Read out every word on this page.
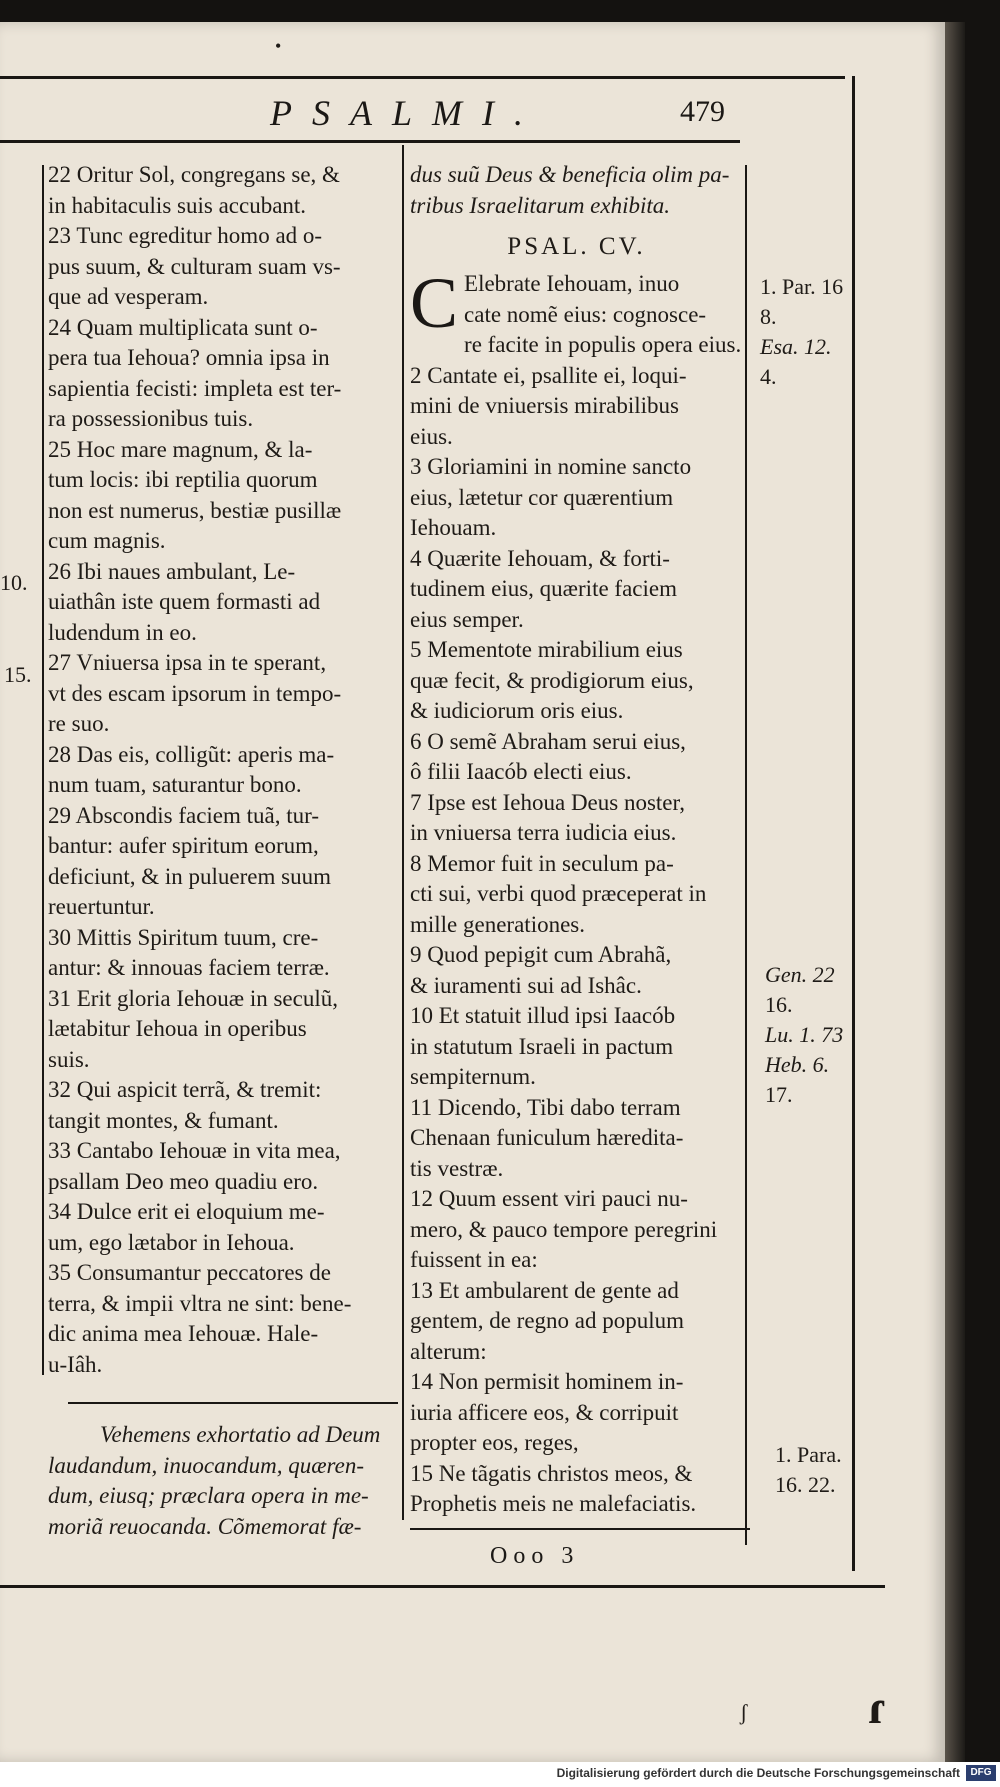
PSALMI.	479
•
10.
15.
22 Oritur Sol, congregans se, &
in habitaculis suis accubant.
23 Tunc egreditur homo ad o-
pus suum, & culturam suam vs-
que ad vesperam.
24 Quam multiplicata sunt o-
pera tua Iehoua? omnia ipsa in
sapientia fecisti: impleta est ter-
ra possessionibus tuis.
25 Hoc mare magnum, & la-
tum locis: ibi reptilia quorum
non est numerus, bestiæ pusillæ
cum magnis.
26 Ibi naues ambulant, Le-
uiathân iste quem formasti ad
ludendum in eo.
27 Vniuersa ipsa in te sperant,
vt des escam ipsorum in tempo-
re suo.
28 Das eis, colligũt: aperis ma-
num tuam, saturantur bono.
29 Abscondis faciem tuã, tur-
bantur: aufer spiritum eorum,
deficiunt, & in puluerem suum
reuertuntur.
30 Mittis Spiritum tuum, cre-
antur: & innouas faciem terræ.
31 Erit gloria Iehouæ in seculũ,
lætabitur Iehoua in operibus
suis.
32 Qui aspicit terrã, & tremit:
tangit montes, & fumant.
33 Cantabo Iehouæ in vita mea,
psallam Deo meo quadiu ero.
34 Dulce erit ei eloquium me-
um, ego lætabor in Iehoua.
35 Consumantur peccatores de
terra, & impii vltra ne sint: bene-
dic anima mea Iehouæ. Hale-
u-Iâh.
Vehemens exhortatio ad Deum
laudandum, inuocandum, quæren-
dum, eiusq; præclara opera in me-
moriã reuocanda. Cõmemorat fæ-
dus suũ Deus & beneficia olim pa-
tribus Israelitarum exhibita.
PSAL. CV.
C Elebrate Iehouam, inuo
cate nomẽ eius: cognosce-
re facite in populis opera eius.
2 Cantate ei, psallite ei, loqui-
mini de vniuersis mirabilibus
eius.
3 Gloriamini in nomine sancto
eius, lætetur cor quærentium
Iehouam.
4 Quærite Iehouam, & forti-
tudinem eius, quærite faciem
eius semper.
5 Mementote mirabilium eius
quæ fecit, & prodigiorum eius,
& iudiciorum oris eius.
6 O semẽ Abraham serui eius,
ô filii Iaacób electi eius.
7 Ipse est Iehoua Deus noster,
in vniuersa terra iudicia eius.
8 Memor fuit in seculum pa-
cti sui, verbi quod præceperat in
mille generationes.
9 Quod pepigit cum Abrahã,
& iuramenti sui ad Ishâc.
10 Et statuit illud ipsi Iaacób
in statutum Israeli in pactum
sempiternum.
11 Dicendo, Tibi dabo terram
Chenaan funiculum hæredita-
tis vestræ.
12 Quum essent viri pauci nu-
mero, & pauco tempore peregrini
fuissent in ea:
13 Et ambularent de gente ad
gentem, de regno ad populum
alterum:
14 Non permisit hominem in-
iuria afficere eos, & corripuit
propter eos, reges,
15 Ne tãgatis christos meos, &
Prophetis meis ne malefaciatis.
1. Par. 16
8.
Esa. 12.
4.
Gen. 22
16.
Lu. 1. 73
Heb. 6.
17.
1. Para.
16. 22.
Ooo 3
ʃ	ɾ
Digitalisierung gefördert durch die Deutsche Forschungsgemeinschaft	DFG
